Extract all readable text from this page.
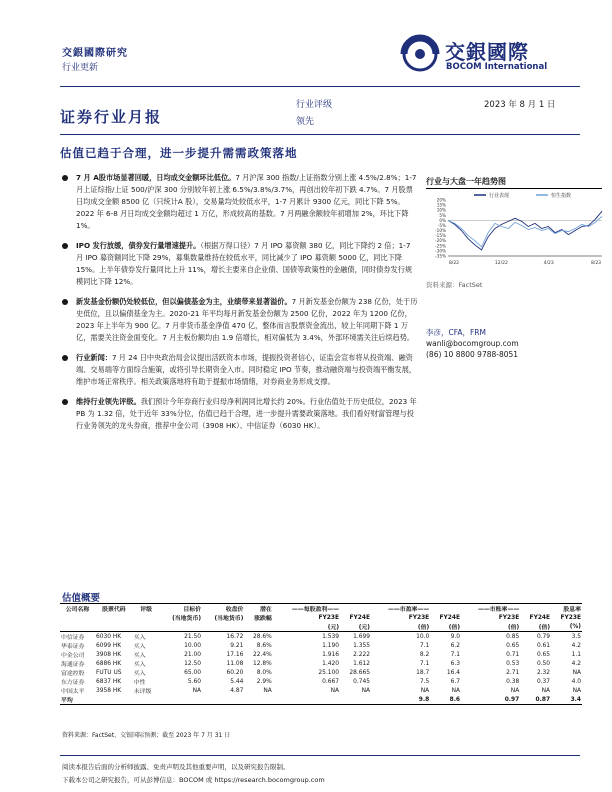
交銀國際研究
行业更新
交銀國際
BOCOM International
证券行业月报
行业评级
领先
2023 年 8 月 1 日
估值已趋于合理，进一步提升需需政策落地
7 月 A股市场显著回暖，日均成交金额环比低位。7 月沪深 300 指数/上证指数分别上涨 4.5%/2.8%；1-7 月上证综指/上证 500/沪深 300 分别较年初上涨 6.5%/3.8%/3.7%，再创出较年初下跌 4.7%。7 月股票日均成交金额 8500 亿（只统计A 股），交易量均处较低水平，1-7 月累计 9300 亿元，同比下降 5%。2022 年 6-8 月日均成交金额均超过 1 万亿，形成较高的基数。7 月两融余额较年初增加 2%，环比下降 1%。
IPO 发行放缓，债券发行量增速提升。（根据万得口径）7 月 IPO 募资额 380 亿，同比下降约 2 倍；1-7 月 IPO 募资额同比下降 29%，募集数量维持在较低水平，同比减少了 IPO 募资额 5000 亿，同比下降 15%。上半年债券发行量同比上升 11%，增长主要来自企业债、国债等政策性的金融债，同时债券发行规模同比下降 12%。
新发基金份额仍处较低位，但以偏债基金为主，业绩带来显著溢价。7 月新发基金份额为 238 亿份，处于历史低位，且以偏债基金为主。2020-21 年平均每月新发基金份额为 2500 亿份，2022 年为 1200 亿份，2023 年上半年为 900 亿。7 月非货币基金净值 470 亿，整体而言股票资金流出，较上年同期下降 1 万亿，需要关注资金面变化。7 月主板份额均由 1.9 倍增长，相对偏低为 3.4%，外部环境需关注后续趋势。
行业新闻：7 月 24 日中央政治局会议提出活跃资本市场，提振投资者信心，证监会宣布将从投资端、融资端、交易端等方面综合施策，或将引导长期资金入市。同时稳定 IPO 节奏，推动融资端与投资端平衡发展，维护市场正常秩序。相关政策落地将有助于提振市场情绪，对券商业务形成支撑。
维持行业领先评级。我们预计今年券商行业归母净利润同比增长约 20%。行业估值处于历史低位，2023 年 PB 为 1.32 倍，处于近年 33%分位，估值已趋于合理，进一步提升需要政策落地。我们看好财富管理与投行业务领先的龙头券商，推荐中金公司（3908 HK）、中信证券（6030 HK）。
行业与大盘一年趋势图
行业表现	恒生指数
20%
15%
10%
5%
0%
-5%
-10%
-15%
-20%
-25%
-30%
-35%
8/22	12/22	4/23	8/23
资料来源：FactSet
李彦，CFA，FRM
wanli@bocomgroup.com
(86) 10 8800 9788-8051
估值概要
公司名称	股票代码	评级	目标价	收盘价	潜在	——每股盈利——		——市盈率——		——市账率——		股息率
			(当地货币)	(当地货币)	涨跌幅	FY23E	FY24E	FY23E	FY24E	FY23E	FY24E	FY23E
						(元)	(元)	(倍)	(倍)	(倍)	(倍)	(%)
中信证券	6030 HK	买入	21.50	16.72	28.6%	1.539	1.699	10.0	9.0	0.85	0.79	3.5
华泰证券	6099 HK	买入	10.00	9.21	8.6%	1.190	1.355	7.1	6.2	0.65	0.61	4.2
中金公司	3908 HK	买入	21.00	17.16	22.4%	1.916	2.222	8.2	7.1	0.71	0.65	1.1
海通证券	6886 HK	买入	12.50	11.08	12.8%	1.420	1.612	7.1	6.3	0.53	0.50	4.2
富途控股	FUTU US	买入	65.00	60.20	8.0%	25.100	28.665	18.7	16.4	2.71	2.32	NA
东方证券	6837 HK	中性	5.60	5.44	2.9%	0.667	0.745	7.5	6.7	0.38	0.37	4.0
中国太平	3958 HK	未评级	NA	4.87	NA	NA	NA	NA	NA	NA	NA	NA
平均								9.8	8.6	0.97	0.87	3.4
资料来源：FactSet、交银国际预测；截至 2023 年 7 月 31 日
阅读本报告后面的分析师披露、免责声明及其他重要声明，以及研究报告限制。
下载本公司之研究报告，可从彭博信息：BOCOM 或 https://research.bocomgroup.com
